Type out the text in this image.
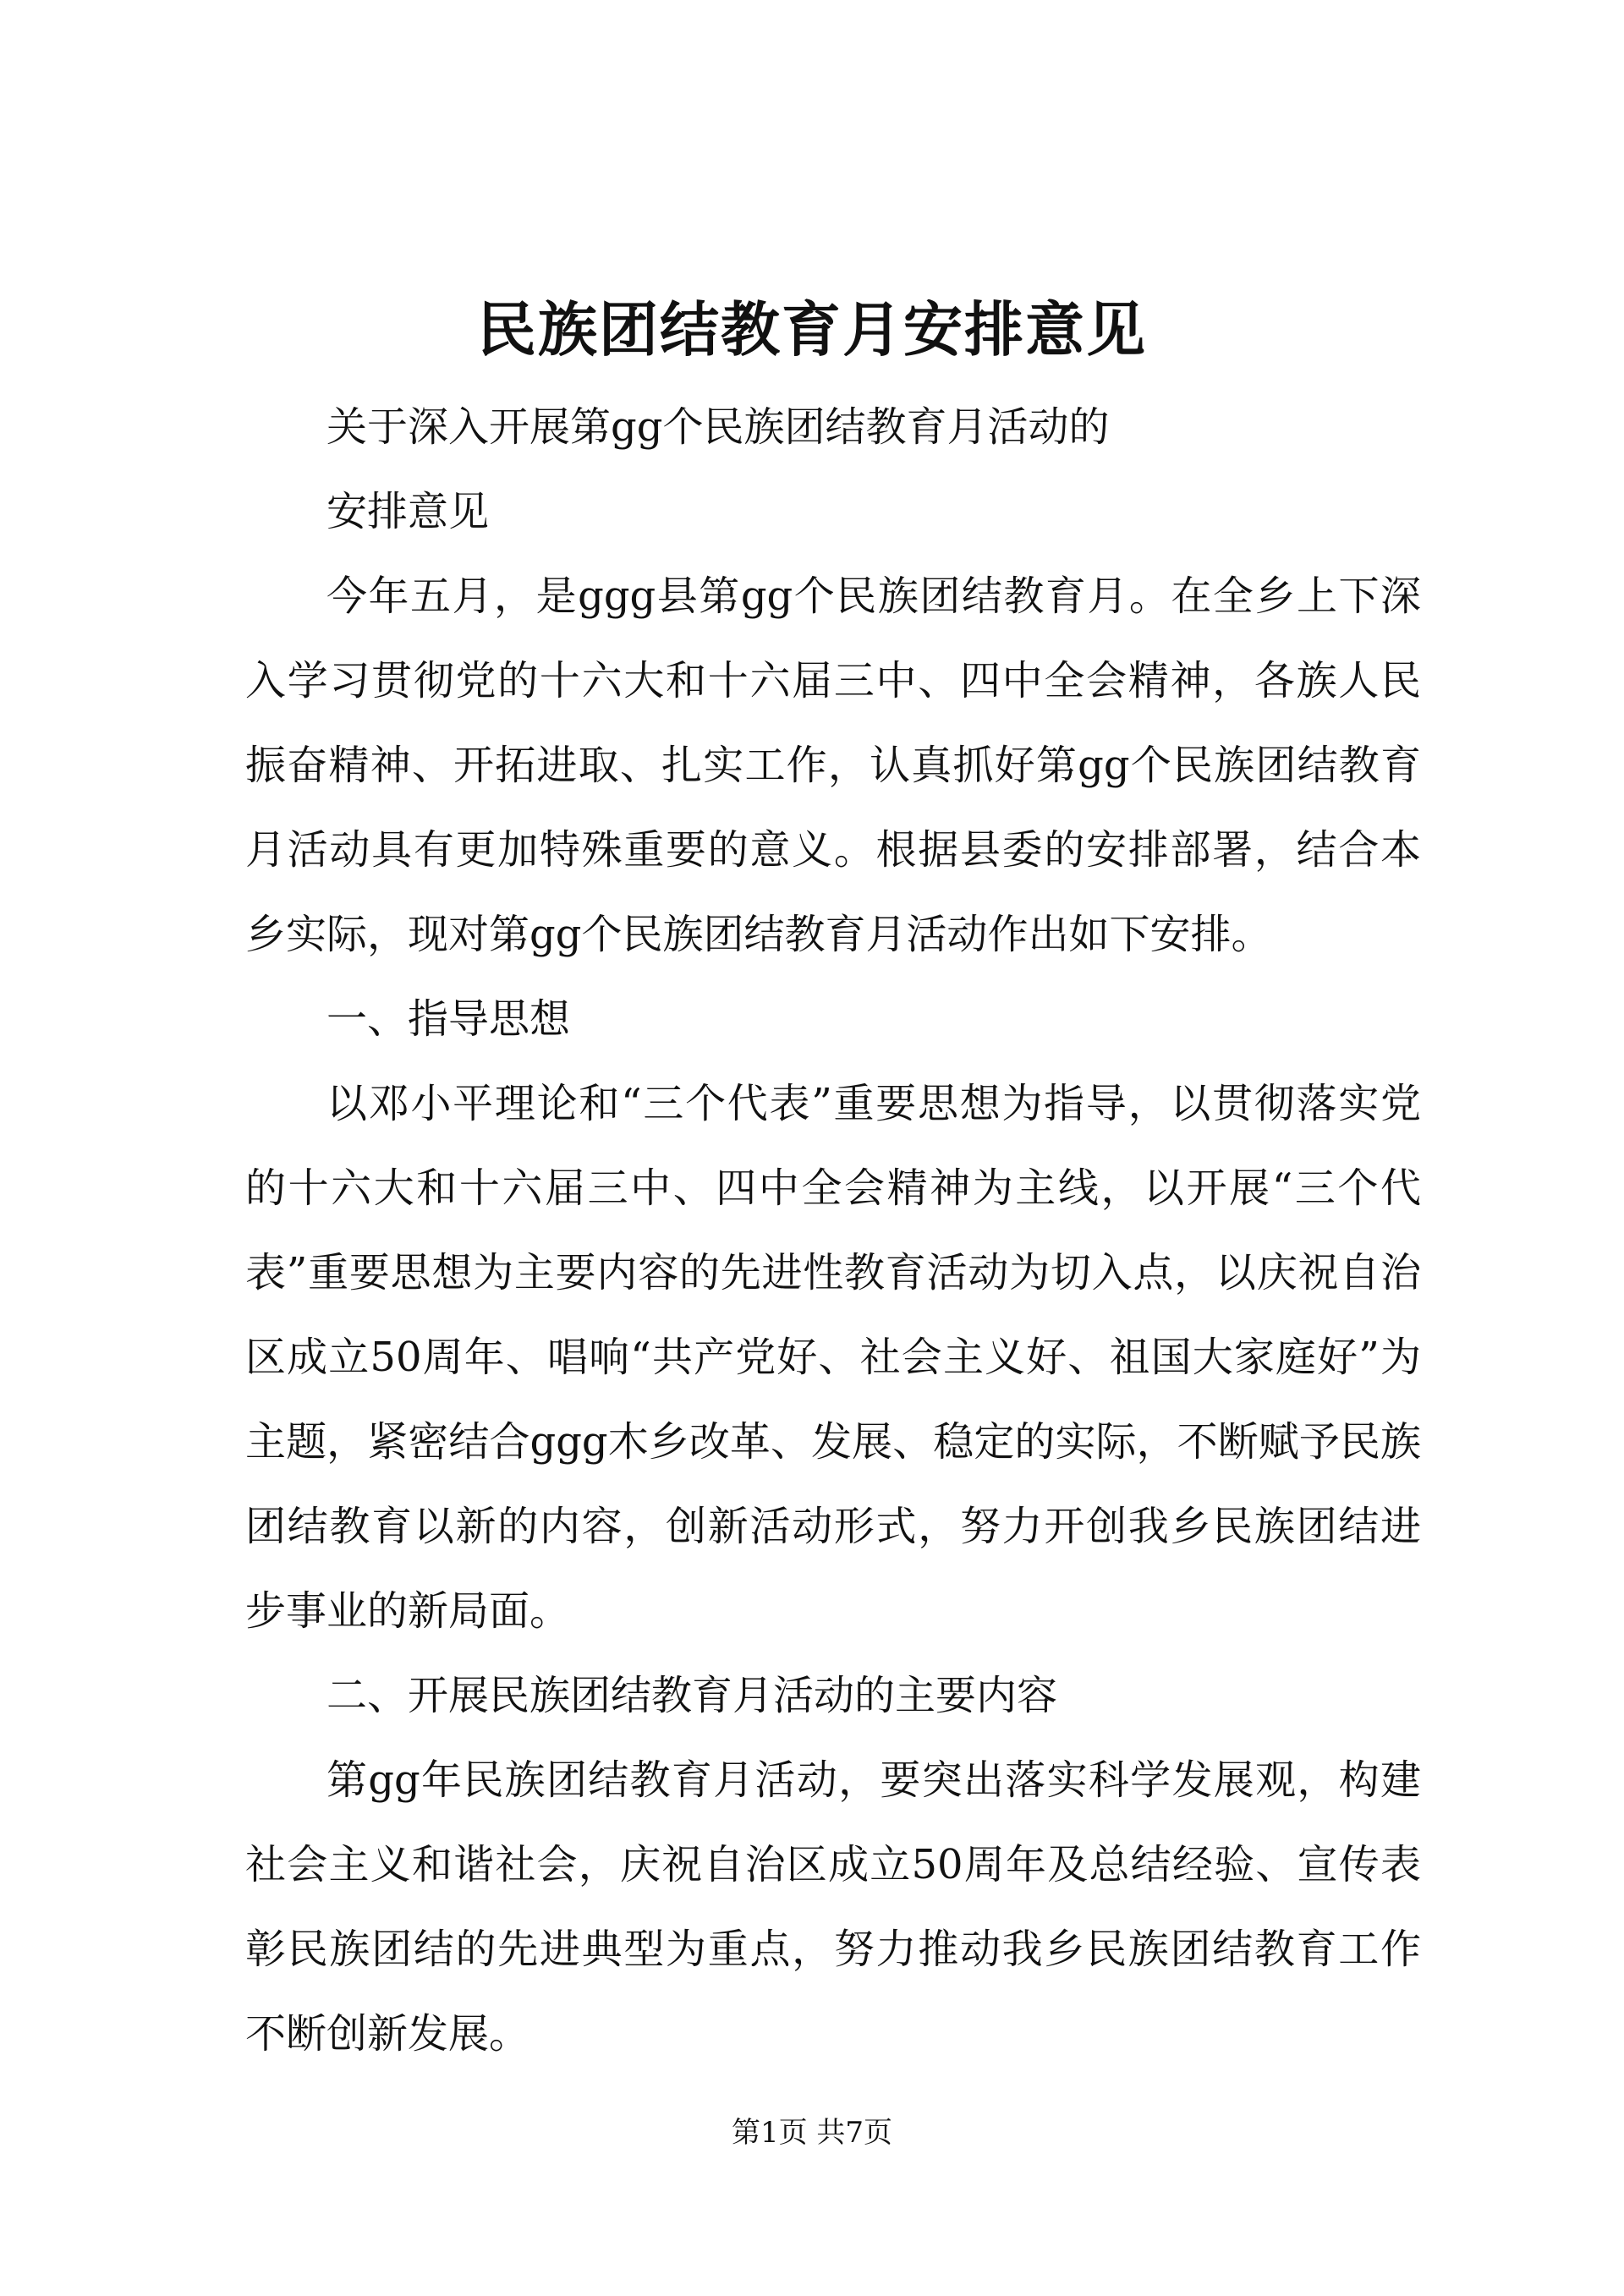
民族团结教育月安排意见

关于深入开展第gg个民族团结教育月活动的

安排意见

今年五月，是ggg县第gg个民族团结教育月。在全乡上下深入学习贯彻党的十六大和十六届三中、四中全会精神，各族人民振奋精神、开拓进取、扎实工作，认真抓好第gg个民族团结教育月活动具有更加特殊重要的意义。根据县委的安排部署，结合本乡实际，现对第gg个民族团结教育月活动作出如下安排。

一、指导思想

以邓小平理论和“三个代表”重要思想为指导，以贯彻落实党的十六大和十六届三中、四中全会精神为主线，以开展“三个代表”重要思想为主要内容的先进性教育活动为切入点，以庆祝自治区成立50周年、唱响“共产党好、社会主义好、祖国大家庭好”为主题，紧密结合ggg木乡改革、发展、稳定的实际，不断赋予民族团结教育以新的内容，创新活动形式，努力开创我乡民族团结进步事业的新局面。

二、开展民族团结教育月活动的主要内容

第gg年民族团结教育月活动，要突出落实科学发展观，构建社会主义和谐社会，庆祝自治区成立50周年及总结经验、宣传表彰民族团结的先进典型为重点，努力推动我乡民族团结教育工作不断创新发展。

第1页 共7页
